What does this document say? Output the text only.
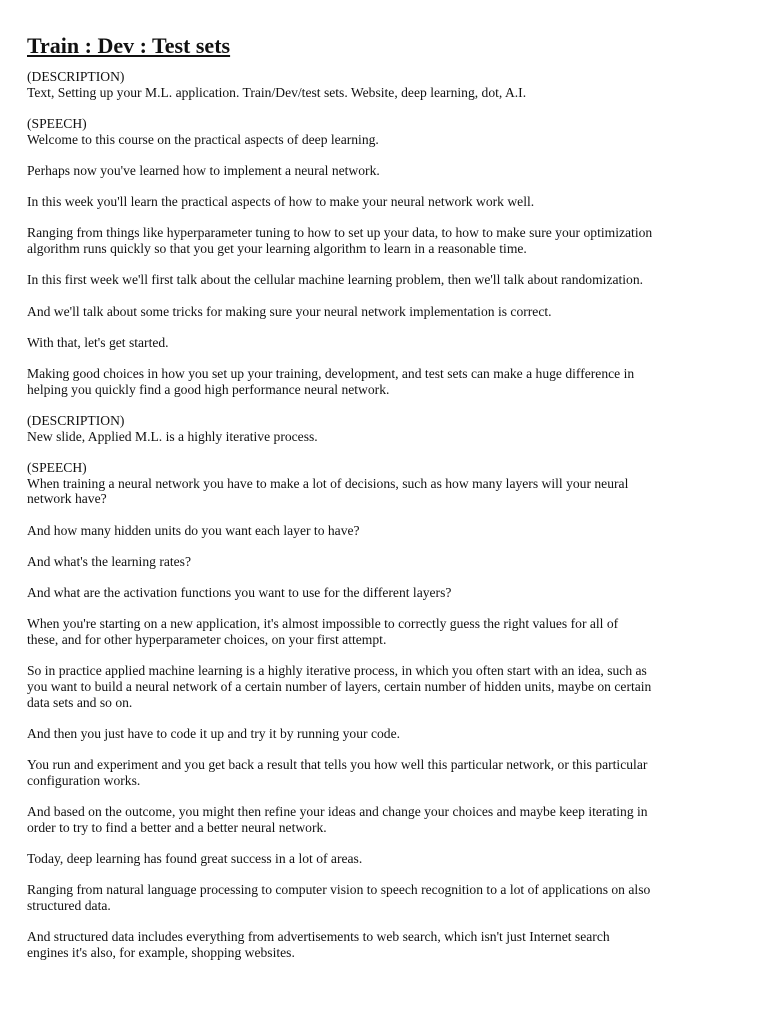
Train : Dev : Test sets

(DESCRIPTION)
Text, Setting up your M.L. application. Train/Dev/test sets. Website, deep learning, dot, A.I.

(SPEECH)
Welcome to this course on the practical aspects of deep learning.

Perhaps now you've learned how to implement a neural network.

In this week you'll learn the practical aspects of how to make your neural network work well.

Ranging from things like hyperparameter tuning to how to set up your data, to how to make sure your optimization
algorithm runs quickly so that you get your learning algorithm to learn in a reasonable time.

In this first week we'll first talk about the cellular machine learning problem, then we'll talk about randomization.

And we'll talk about some tricks for making sure your neural network implementation is correct.

With that, let's get started.

Making good choices in how you set up your training, development, and test sets can make a huge difference in
helping you quickly find a good high performance neural network.

(DESCRIPTION)
New slide, Applied M.L. is a highly iterative process.

(SPEECH)
When training a neural network you have to make a lot of decisions, such as how many layers will your neural
network have?

And how many hidden units do you want each layer to have?

And what's the learning rates?

And what are the activation functions you want to use for the different layers?

When you're starting on a new application, it's almost impossible to correctly guess the right values for all of
these, and for other hyperparameter choices, on your first attempt.

So in practice applied machine learning is a highly iterative process, in which you often start with an idea, such as
you want to build a neural network of a certain number of layers, certain number of hidden units, maybe on certain
data sets and so on.

And then you just have to code it up and try it by running your code.

You run and experiment and you get back a result that tells you how well this particular network, or this particular
configuration works.

And based on the outcome, you might then refine your ideas and change your choices and maybe keep iterating in
order to try to find a better and a better neural network.

Today, deep learning has found great success in a lot of areas.

Ranging from natural language processing to computer vision to speech recognition to a lot of applications on also
structured data.

And structured data includes everything from advertisements to web search, which isn't just Internet search
engines it's also, for example, shopping websites.
